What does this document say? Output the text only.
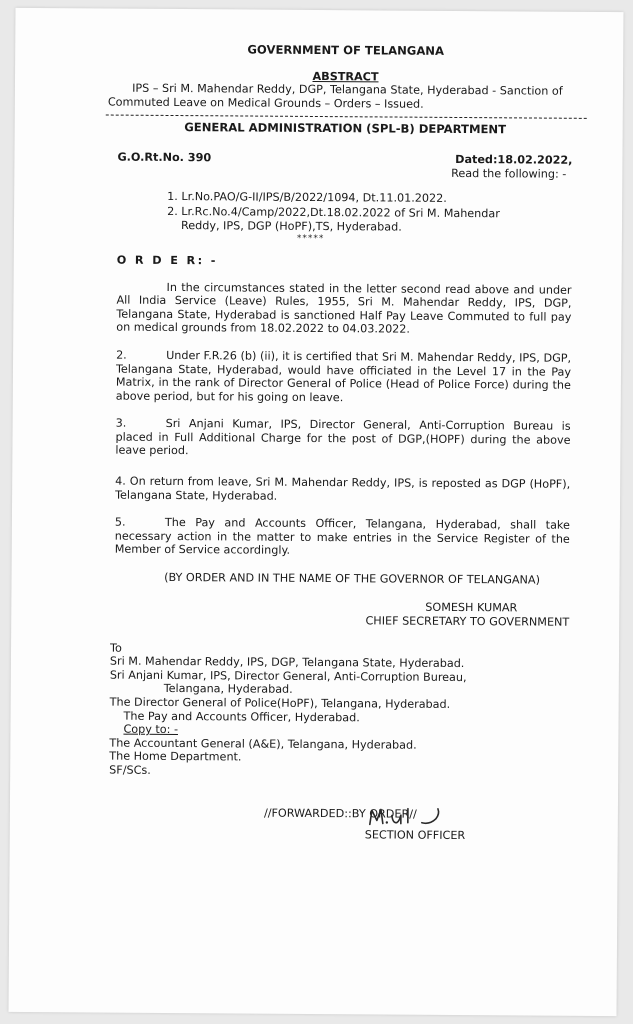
GOVERNMENT OF TELANGANA
ABSTRACT
IPS – Sri M. Mahendar Reddy, DGP, Telangana State, Hyderabad - Sanction of
Commuted Leave on Medical Grounds – Orders – Issued.
GENERAL ADMINISTRATION (SPL-B) DEPARTMENT
G.O.Rt.No. 390	Dated:18.02.2022,
Read the following: -
1. Lr.No.PAO/G-II/IPS/B/2022/1094, Dt.11.01.2022.
2. Lr.Rc.No.4/Camp/2022,Dt.18.02.2022 of Sri M. Mahendar
Reddy, IPS, DGP (HoPF),TS, Hyderabad.
*****
O R D E R: -

In the circumstances stated in the letter second read above and under All India Service (Leave) Rules, 1955, Sri M. Mahendar Reddy, IPS, DGP, Telangana State, Hyderabad is sanctioned Half Pay Leave Commuted to full pay on medical grounds from 18.02.2022 to 04.03.2022.

2.	Under F.R.26 (b) (ii), it is certified that Sri M. Mahendar Reddy, IPS, DGP, Telangana State, Hyderabad, would have officiated in the Level 17 in the Pay Matrix, in the rank of Director General of Police (Head of Police Force) during the above period, but for his going on leave.

3.	Sri Anjani Kumar, IPS, Director General, Anti-Corruption Bureau is placed in Full Additional Charge for the post of DGP,(HOPF) during the above leave period.

4. On return from leave, Sri M. Mahendar Reddy, IPS, is reposted as DGP (HoPF), Telangana State, Hyderabad.

5.	The Pay and Accounts Officer, Telangana, Hyderabad, shall take necessary action in the matter to make entries in the Service Register of the Member of Service accordingly.

(BY ORDER AND IN THE NAME OF THE GOVERNOR OF TELANGANA)
SOMESH KUMAR
CHIEF SECRETARY TO GOVERNMENT
To
Sri M. Mahendar Reddy, IPS, DGP, Telangana State, Hyderabad.
Sri Anjani Kumar, IPS, Director General, Anti-Corruption Bureau,
Telangana, Hyderabad.
The Director General of Police(HoPF), Telangana, Hyderabad.
The Pay and Accounts Officer, Hyderabad.
Copy to: -
The Accountant General (A&E), Telangana, Hyderabad.
The Home Department.
SF/SCs.
//FORWARDED::BY ORDER//
SECTION OFFICER
